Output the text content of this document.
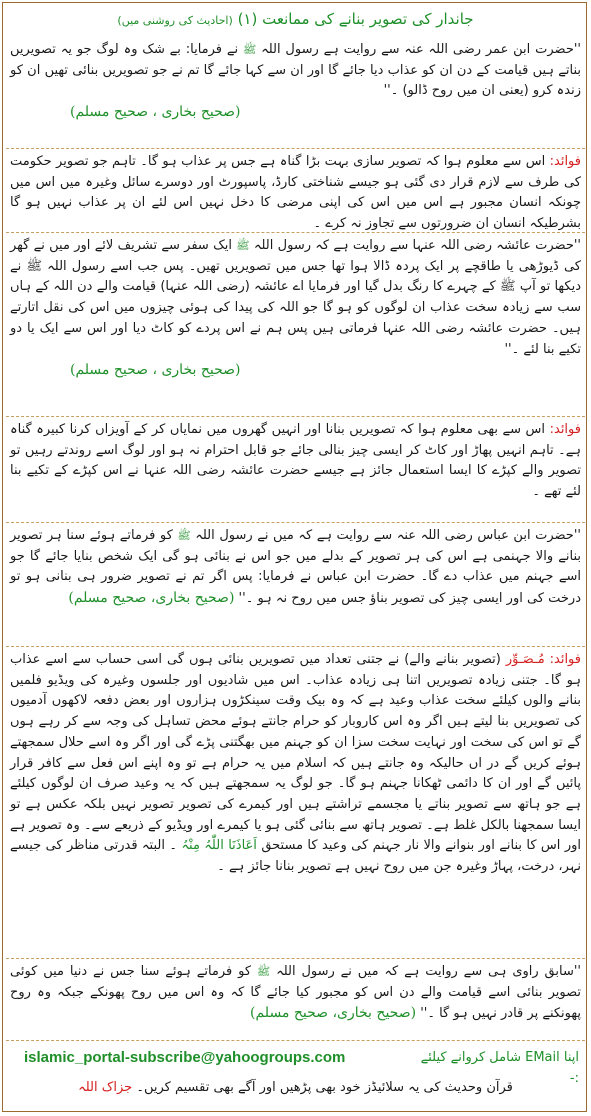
جاندار کی تصویر بنانے کی ممانعت (۱) (احادیث کی روشنی میں)

''حضرت ابن عمر رضی اللہ عنہ سے روایت ہے رسول اللہ ﷺ نے فرمایا: بے شک وہ لوگ جو یہ تصویریں بناتے ہیں قیامت کے دن ان کو عذاب دیا جائے گا اور ان سے کہا جائے گا تم نے جو تصویریں بنائی تھیں ان کو زندہ کرو (یعنی ان میں روح ڈالو) ۔''

(صحیح بخاری ، صحیح مسلم)

فوائد: اس سے معلوم ہوا کہ تصویر سازی بہت بڑا گناہ ہے جس پر عذاب ہو گا۔ تاہم جو تصویر حکومت کی طرف سے لازم قرار دی گئی ہو جیسے شناختی کارڈ، پاسپورٹ اور دوسرے سائل وغیرہ میں اس میں چونکہ انسان مجبور ہے اس میں اس کی اپنی مرضی کا دخل نہیں اس لئے ان پر عذاب نہیں ہو گا بشرطیکہ انسان ان ضرورتوں سے تجاوز نہ کرے ۔

''حضرت عائشہ رضی اللہ عنہا سے روایت ہے کہ رسول اللہ ﷺ ایک سفر سے تشریف لائے اور میں نے گھر کی ڈیوڑھی یا طاقچے پر ایک پردہ ڈالا ہوا تھا جس میں تصویریں تھیں۔ پس جب اسے رسول اللہ ﷺ نے دیکھا تو آپ ﷺ کے چہرے کا رنگ بدل گیا اور فرمایا اے عائشہ (رضی اللہ عنہا) قیامت والے دن اللہ کے ہاں سب سے زیادہ سخت عذاب ان لوگوں کو ہو گا جو اللہ کی پیدا کی ہوئی چیزوں میں اس کی نقل اتارتے ہیں۔ حضرت عائشہ رضی اللہ عنہا فرماتی ہیں پس ہم نے اس پردے کو کاٹ دیا اور اس سے ایک یا دو تکیے بنا لئے ۔''

(صحیح بخاری ، صحیح مسلم)

فوائد: اس سے بھی معلوم ہوا کہ تصویریں بنانا اور انہیں گھروں میں نمایاں کر کے آویزاں کرنا کبیرہ گناہ ہے۔ تاہم انہیں پھاڑ اور کاٹ کر ایسی چیز بنالی جائے جو قابل احترام نہ ہو اور لوگ اسے روندتے رہیں تو تصویر والے کپڑے کا ایسا استعمال جائز ہے جیسے حضرت عائشہ رضی اللہ عنہا نے اس کپڑے کے تکیے بنا لئے تھے ۔

''حضرت ابن عباس رضی اللہ عنہ سے روایت ہے کہ میں نے رسول اللہ ﷺ کو فرماتے ہوئے سنا ہر تصویر بنانے والا جہنمی ہے اس کی ہر تصویر کے بدلے میں جو اس نے بنائی ہو گی ایک شخص بنایا جائے گا جو اسے جہنم میں عذاب دے گا۔ حضرت ابن عباس نے فرمایا: پس اگر تم نے تصویر ضرور ہی بنانی ہو تو درخت کی اور ایسی چیز کی تصویر بناؤ جس میں روح نہ ہو ۔'' (صحیح بخاری، صحیح مسلم)

فوائد: مُـصَـوِّر (تصویر بنانے والے) نے جتنی تعداد میں تصویریں بنائی ہوں گی اسی حساب سے اسے عذاب ہو گا۔ جتنی زیادہ تصویریں اتنا ہی زیادہ عذاب۔ اس میں شادیوں اور جلسوں وغیرہ کی ویڈیو فلمیں بنانے والوں کیلئے سخت عذاب وعید ہے کہ وہ بیک وقت سینکڑوں ہزاروں اور بعض دفعہ لاکھوں آدمیوں کی تصویریں بنا لیتے ہیں اگر وہ اس کاروبار کو حرام جانتے ہوئے محض تساہل کی وجہ سے کر رہے ہوں گے تو اس کی سخت اور نہایت سخت سزا ان کو جہنم میں بھگتنی پڑے گی اور اگر وہ اسے حلال سمجھتے ہوئے کریں گے در اں حالیکہ وہ جانتے ہیں کہ اسلام میں یہ حرام ہے تو وہ اپنے اس فعل سے کافر قرار پائیں گے اور ان کا دائمی ٹھکانا جہنم ہو گا۔ جو لوگ یہ سمجھتے ہیں کہ یہ وعید صرف ان لوگوں کیلئے ہے جو ہاتھ سے تصویر بناتے یا مجسمے تراشتے ہیں اور کیمرے کی تصویر تصویر نہیں بلکہ عکس ہے تو ایسا سمجھنا بالکل غلط ہے۔ تصویر ہاتھ سے بنائی گئی ہو یا کیمرے اور ویڈیو کے ذریعے سے۔ وہ تصویر ہے اور اس کا بنانے اور بنوانے والا نار جہنم کی وعید کا مستحق اَعَاذَنَا اللّٰہُ مِنْہُ ۔ البتہ قدرتی مناظر کی جیسے نہر، درخت، پہاڑ وغیرہ جن میں روح نہیں ہے تصویر بنانا جائز ہے ۔

''سابق راوی ہی سے روایت ہے کہ میں نے رسول اللہ ﷺ کو فرماتے ہوئے سنا جس نے دنیا میں کوئی تصویر بنائی اسے قیامت والے دن اس کو مجبور کیا جائے گا کہ وہ اس میں روح پھونکے جبکہ وہ روح پھونکنے پر قادر نہیں ہو گا ۔'' (صحیح بخاری، صحیح مسلم)

اپنا EMail شامل کروانے کیلئے :-
islamic_portal-subscribe@yahoogroups.com
قرآن وحدیث کی یہ سلائیڈز خود بھی پڑھیں اور آگے بھی تقسیم کریں۔ جزاک اللہ
